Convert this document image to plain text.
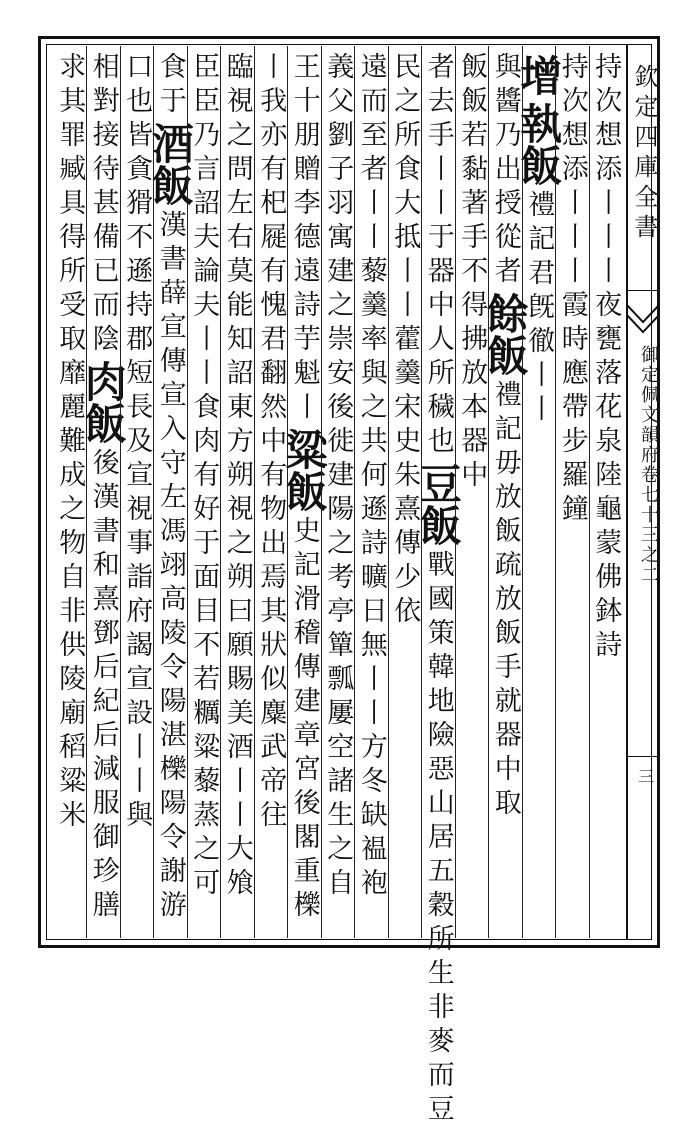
欽定四庫全書
御定佩文韻府卷七十三之二
三
持次想添丨丨丨夜甕落花泉陸龜蒙佛鉢詩
持次想添丨丨丨
霞時應帶步羅鐘
增
執飯
禮記君旣徹丨丨
與醬乃出授從者
餘飯
禮記毋放飯疏放飯手就器中取
飯飯若黏著手不得拂放本器中
者去手丨丨于器中人所穢也
豆飯
戰國策韓地險惡山居五穀所生非麥而豆
民之所食大抵丨丨藿羹宋史朱熹傳少依
遠而至者丨丨藜羹率與之共何遜詩曠日無丨丨方冬缺褞袍
義父劉子羽寓建之崇安後徙建陽之考亭簞瓢屢空諸生之自
王十朋贈李德遠詩芋魁丨
粱飯
史記滑稽傳建章宮後閣重櫟
丨我亦有𣏌屣有愧君翻然
中有物出焉其狀似麋武帝往
臨視之問左右莫能知詔東方朔視之朔曰願賜美酒丨丨大飧
臣臣乃言詔夫論夫丨丨食肉有好于面目不若糲粱藜蒸之可
食于
酒飯
漢書薛宣傳宣入守左馮翊高陵令陽湛櫟陽令謝游
口也
皆貪猾不遜持郡短長及宣視事詣府謁宣設丨丨與
相對接待甚備已而陰
肉飯
後漢書和熹鄧后紀后減服御珍膳
求其罪臧具得所受取
靡麗難成之物自非供陵廟稻粱米
